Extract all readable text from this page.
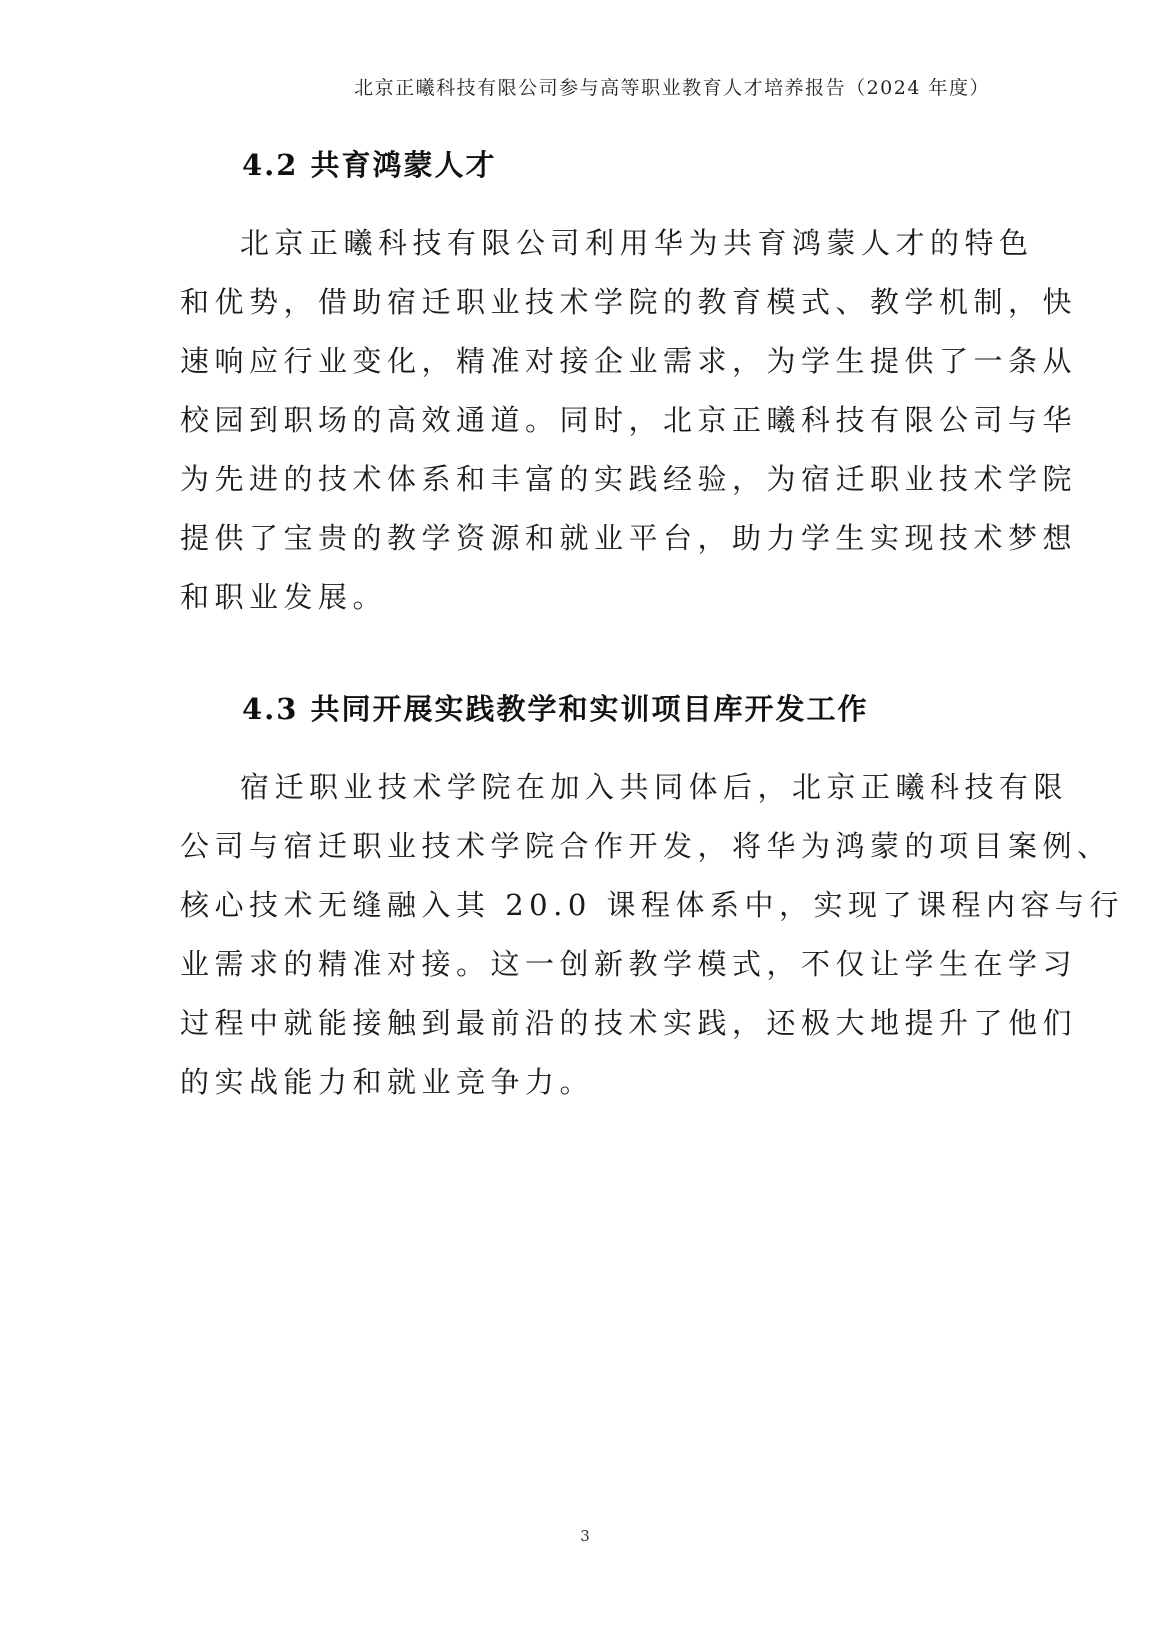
北京正曦科技有限公司参与高等职业教育人才培养报告（2024 年度）
4.2 共育鸿蒙人才
北京正曦科技有限公司利用华为共育鸿蒙人才的特色
和优势，借助宿迁职业技术学院的教育模式、教学机制，快
速响应行业变化，精准对接企业需求，为学生提供了一条从
校园到职场的高效通道。同时，北京正曦科技有限公司与华
为先进的技术体系和丰富的实践经验，为宿迁职业技术学院
提供了宝贵的教学资源和就业平台，助力学生实现技术梦想
和职业发展。
4.3 共同开展实践教学和实训项目库开发工作
宿迁职业技术学院在加入共同体后，北京正曦科技有限
公司与宿迁职业技术学院合作开发，将华为鸿蒙的项目案例、
核心技术无缝融入其 20.0 课程体系中，实现了课程内容与行
业需求的精准对接。这一创新教学模式，不仅让学生在学习
过程中就能接触到最前沿的技术实践，还极大地提升了他们
的实战能力和就业竞争力。
3
